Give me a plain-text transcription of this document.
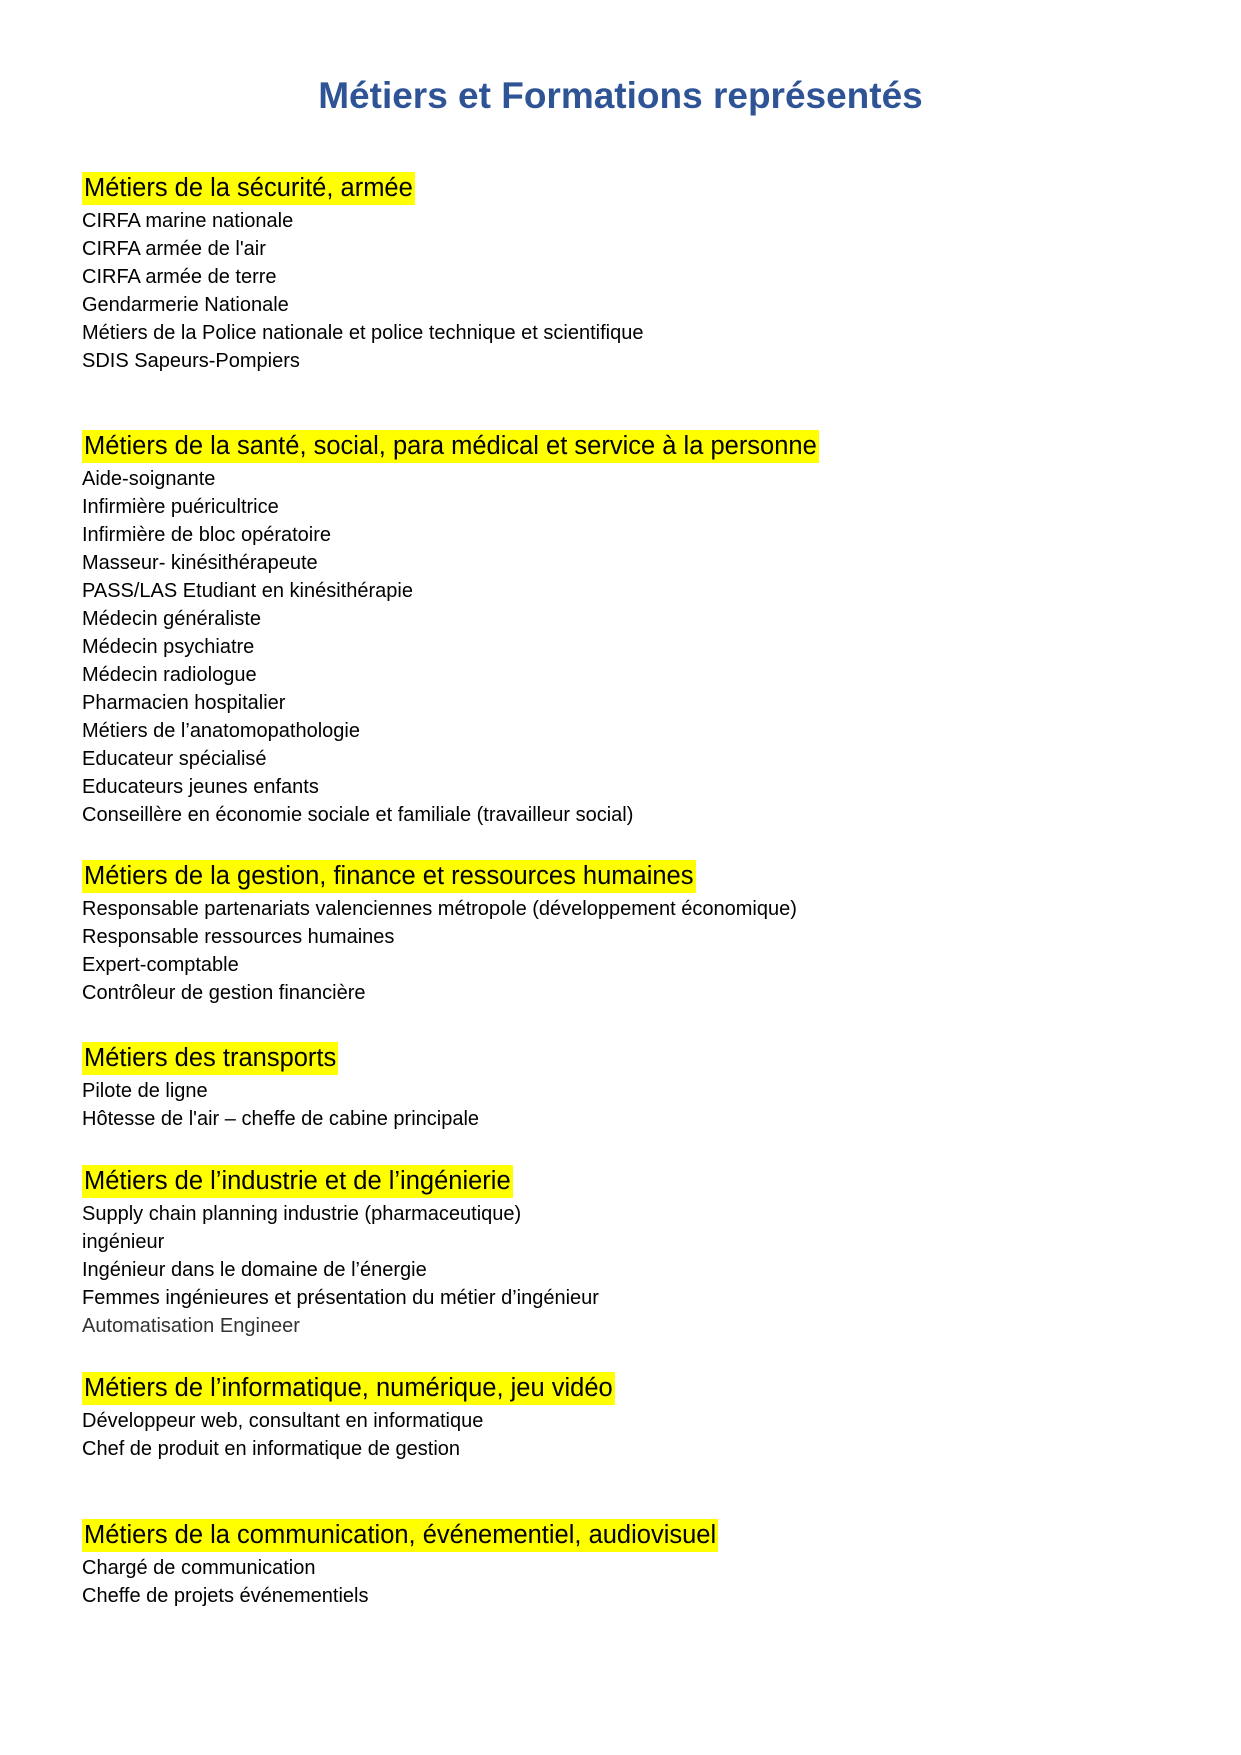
Métiers et Formations représentés
Métiers de la sécurité, armée
CIRFA marine nationale
CIRFA armée de l'air
CIRFA armée de terre
Gendarmerie Nationale
Métiers de la Police nationale et police technique et scientifique
SDIS Sapeurs-Pompiers
Métiers de la santé, social, para médical et service à la personne
Aide-soignante
Infirmière puéricultrice
Infirmière de bloc opératoire
Masseur- kinésithérapeute
PASS/LAS Etudiant en kinésithérapie
Médecin généraliste
Médecin psychiatre
Médecin radiologue
Pharmacien hospitalier
Métiers de l’anatomopathologie
Educateur spécialisé
Educateurs jeunes enfants
Conseillère en économie sociale et familiale (travailleur social)
Métiers de la gestion, finance et ressources humaines
Responsable partenariats valenciennes métropole (développement économique)
Responsable ressources humaines
Expert-comptable
Contrôleur de gestion financière
Métiers des transports
Pilote de ligne
Hôtesse de l'air – cheffe de cabine principale
Métiers de l’industrie et de l’ingénierie
Supply chain planning industrie (pharmaceutique)
ingénieur
Ingénieur dans le domaine de l’énergie
Femmes ingénieures et présentation du métier d’ingénieur
Automatisation Engineer
Métiers de l’informatique, numérique, jeu vidéo
Développeur web, consultant en informatique
Chef de produit en informatique de gestion
Métiers de la communication, événementiel, audiovisuel
Chargé de communication
Cheffe de projets événementiels
